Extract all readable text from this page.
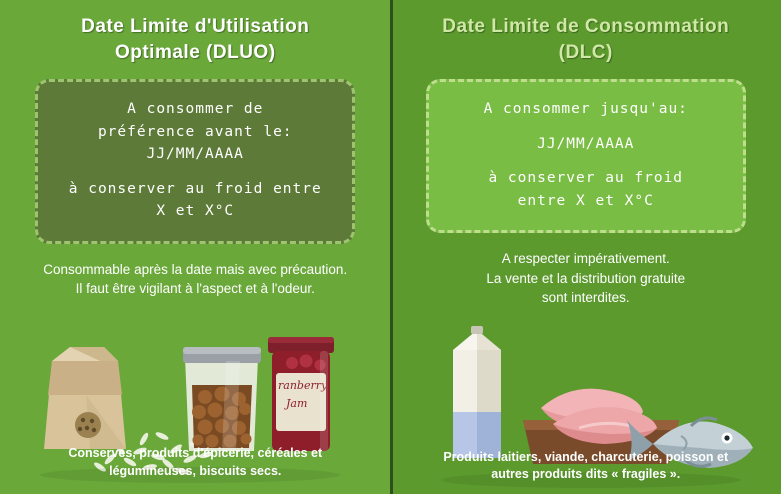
Date Limite d'Utilisation
Optimale (DLUO)
A consommer de
préférence avant le:
JJ/MM/AAAA
à conserver au froid entre
X et X°C
Consommable après la date mais avec précaution.
Il faut être vigilant à l'aspect et à l'odeur.
ranberry
Jam
Conserves, produits d'épicerie, céréales et
légumineuses, biscuits secs.
Date Limite de Consommation
(DLC)
A consommer jusqu'au:
JJ/MM/AAAA
à conserver au froid
entre X et X°C
A respecter impérativement.
La vente et la distribution gratuite
sont interdites.
Produits laitiers, viande, charcuterie, poisson et
autres produits dits « fragiles ».
